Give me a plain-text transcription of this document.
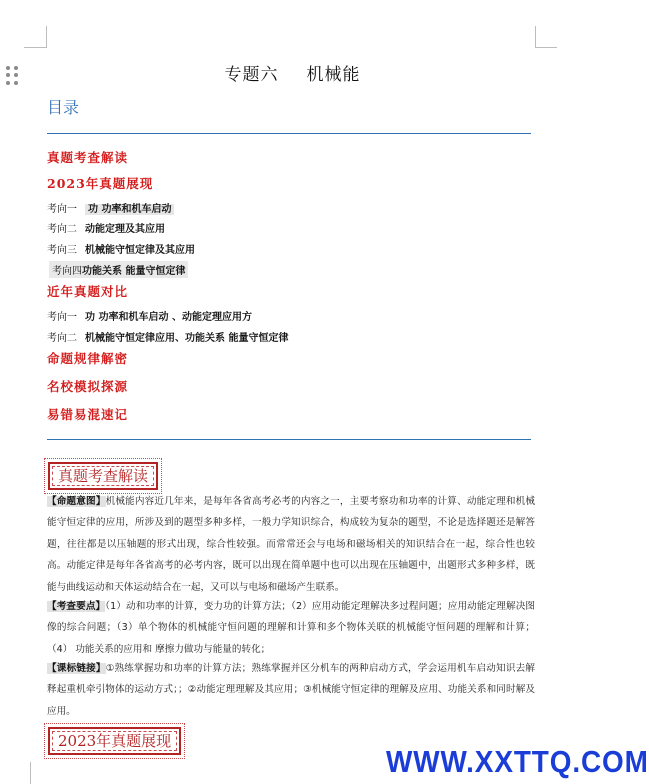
专题六 机械能
目录
真题考查解读
2023年真题展现
考向一 功 功率和机车启动
考向二 动能定理及其应用
考向三 机械能守恒定律及其应用
考向四功能关系 能量守恒定律
近年真题对比
考向一 功 功率和机车启动 、动能定理应用方
考向二 机械能守恒定律应用、功能关系 能量守恒定律
命题规律解密
名校模拟探源
易错易混速记
真题考查解读
【命题意图】机械能内容近几年来，是每年各省高考必考的内容之一，主要考察功和功率的计算、动能定理和机械能守恒定律的应用，所涉及到的题型多种多样，一般力学知识综合，构成较为复杂的题型，不论是选择题还是解答题，往往都是以压轴题的形式出现，综合性较强。而常常还会与电场和磁场相关的知识结合在一起，综合性也较高。动能定律是每年各省高考的必考内容，既可以出现在简单题中也可以出现在压轴题中，出题形式多种多样，既能与曲线运动和天体运动结合在一起，又可以与电场和磁场产生联系。
【考查要点】（1）动和功率的计算，变力功的计算方法；（2）应用动能定理解决多过程问题；应用动能定理解决图像的综合问题；（3）单个物体的机械能守恒问题的理解和计算和多个物体关联的机械能守恒问题的理解和计算；（4） 功能关系的应用和 摩擦力做功与能量的转化；
【课标链接】①熟练掌握功和功率的计算方法；熟练掌握并区分机车的两种启动方式，学会运用机车启动知识去解释起重机牵引物体的运动方式；；②动能定理理解及其应用；③机械能守恒定律的理解及应用、功能关系和同时解及应用。
2023年真题展现
WWW.XXTTQ.COM
